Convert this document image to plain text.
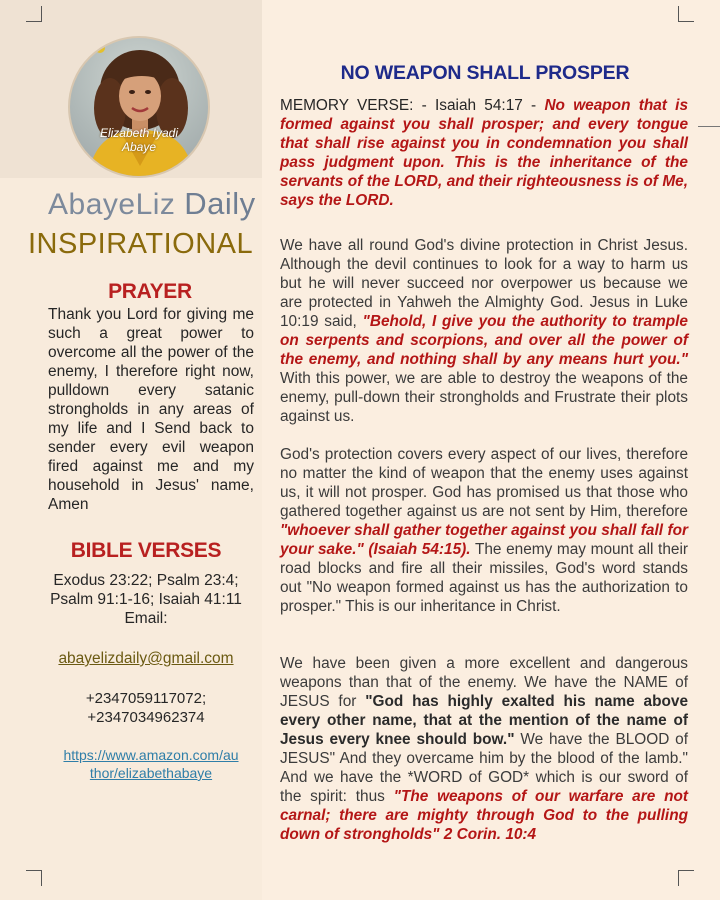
Elizabeth Iyadi
Abaye
AbayeLiz Daily
INSPIRATIONAL
PRAYER
Thank you Lord for giving me such a great power to overcome all the power of the enemy, I therefore right now, pulldown every satanic strongholds in any areas of my life and I Send back to sender every evil weapon fired against me and my household in Jesus' name, Amen
BIBLE VERSES
Exodus 23:22; Psalm 23:4; Psalm 91:1-16; Isaiah 41:11
Email:
abayelizdaily@gmail.com
+2347059117072;
+2347034962374
https://www.amazon.com/au
thor/elizabethabaye
NO WEAPON SHALL PROSPER
MEMORY VERSE: - Isaiah 54:17 - No weapon that is formed against you shall prosper; and every tongue that shall rise against you in condemnation you shall pass judgment upon. This is the inheritance of the servants of the LORD, and their righteousness is of Me, says the LORD.
We have all round God's divine protection in Christ Jesus. Although the devil continues to look for a way to harm us but he will never succeed nor overpower us because we are protected in Yahweh the Almighty God. Jesus in Luke 10:19 said, "Behold, I give you the authority to trample on serpents and scorpions, and over all the power of the enemy, and nothing shall by any means hurt you." With this power, we are able to destroy the weapons of the enemy, pull-down their strongholds and Frustrate their plots against us.
God's protection covers every aspect of our lives, therefore no matter the kind of weapon that the enemy uses against us, it will not prosper. God has promised us that those who gathered together against us are not sent by Him, therefore "whoever shall gather together against you shall fall for your sake." (Isaiah 54:15). The enemy may mount all their road blocks and fire all their missiles, God's word stands out "No weapon formed against us has the authorization to prosper." This is our inheritance in Christ.
We have been given a more excellent and dangerous weapons than that of the enemy. We have the NAME of JESUS for "God has highly exalted his name above every other name, that at the mention of the name of Jesus every knee should bow." We have the BLOOD of JESUS" And they overcame him by the blood of the lamb." And we have the *WORD of GOD* which is our sword of the spirit: thus "The weapons of our warfare are not carnal; there are mighty through God to the pulling down of strongholds" 2 Corin. 10:4
